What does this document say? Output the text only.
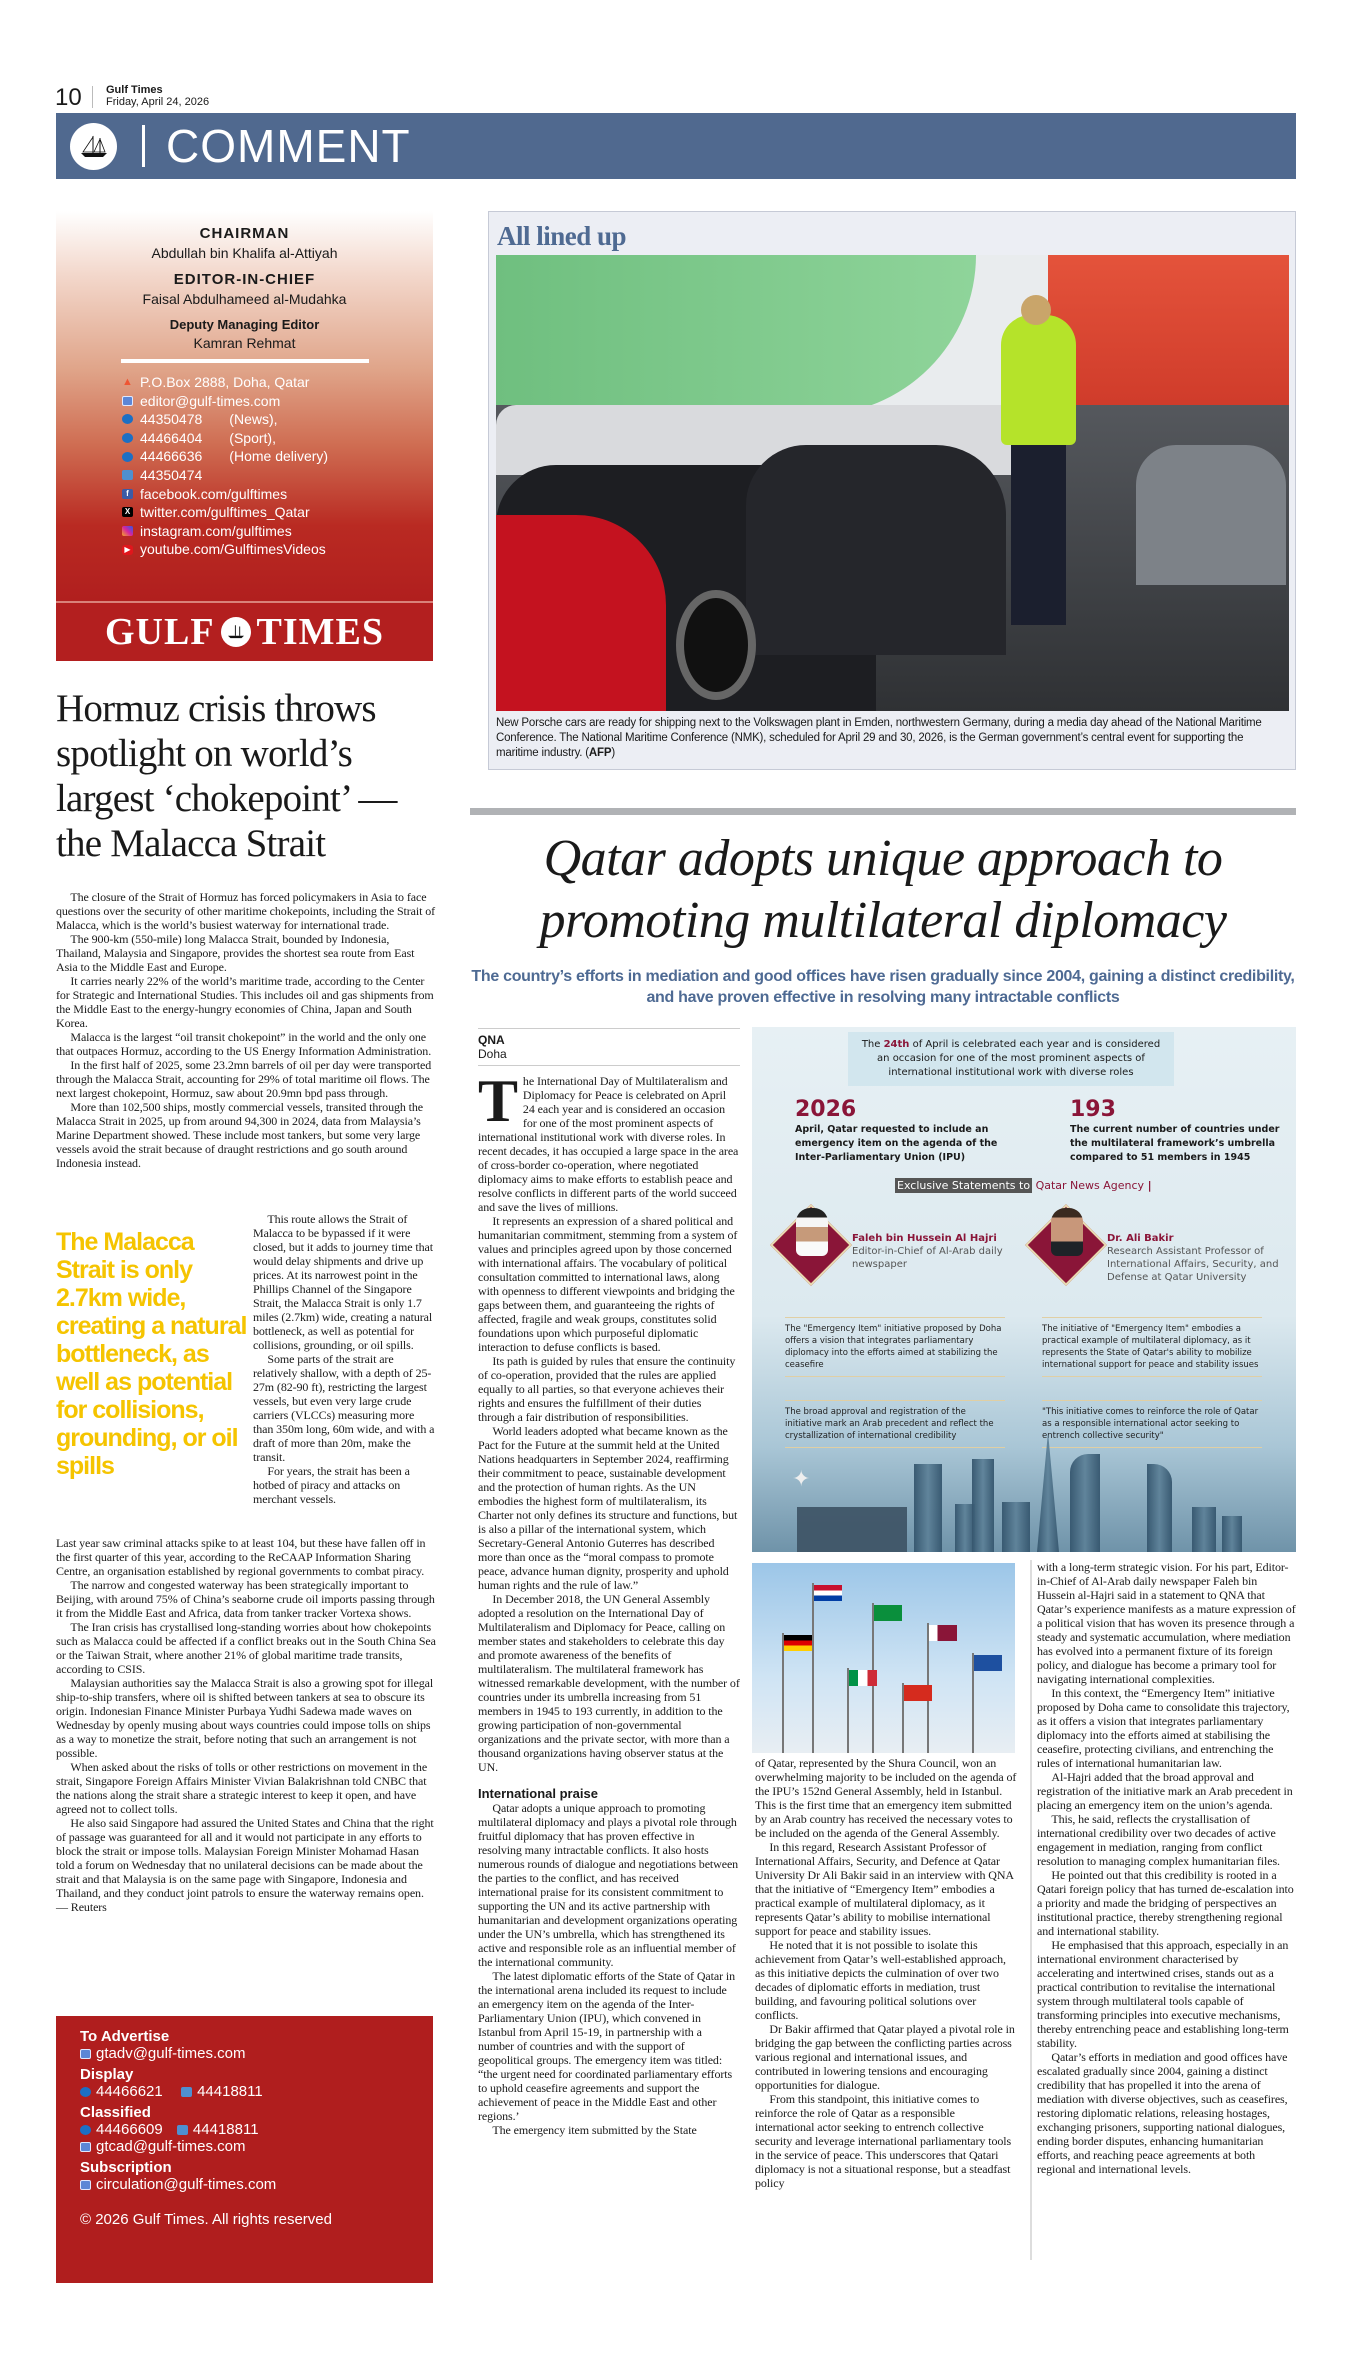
10 Gulf Times
Friday, April 24, 2026
COMMENT
CHAIRMAN
Abdullah bin Khalifa al-Attiyah
EDITOR-IN-CHIEF
Faisal Abdulhameed al-Mudahka
Deputy Managing Editor
Kamran Rehmat
▲ P.O.Box 2888, Doha, Qatar
editor@gulf-times.com
44350478 (News),
44466404 (Sport),
44466636 (Home delivery)
44350474
f facebook.com/gulftimes
X twitter.com/gulftimes_Qatar
instagram.com/gulftimes
▶ youtube.com/GulftimesVideos
GULF TIMES
Hormuz crisis throws spotlight on world’s largest ‘chokepoint’ — the Malacca Strait

The closure of the Strait of Hormuz has forced policymakers in Asia to face questions over the security of other maritime chokepoints, including the Strait of Malacca, which is the world’s busiest waterway for international trade.

The 900-km (550-mile) long Malacca Strait, bounded by Indonesia, Thailand, Malaysia and Singapore, provides the shortest sea route from East Asia to the Middle East and Europe.

It carries nearly 22% of the world’s maritime trade, according to the Center for Strategic and International Studies. This includes oil and gas shipments from the Middle East to the energy-hungry economies of China, Japan and South Korea.

Malacca is the largest “oil transit chokepoint” in the world and the only one that outpaces Hormuz, according to the US Energy Information Administration.

In the first half of 2025, some 23.2mn barrels of oil per day were transported through the Malacca Strait, accounting for 29% of total maritime oil flows. The next largest chokepoint, Hormuz, saw about 20.9mn bpd pass through.

More than 102,500 ships, mostly commercial vessels, transited through the Malacca Strait in 2025, up from around 94,300 in 2024, data from Malaysia’s Marine Department showed. These include most tankers, but some very large vessels avoid the strait because of draught restrictions and go south around Indonesia instead.

The Malacca Strait is only 2.7km wide, creating a natural bottleneck, as well as potential for collisions, grounding, or oil spills

This route allows the Strait of Malacca to be bypassed if it were closed, but it adds to journey time that would delay shipments and drive up prices. At its narrowest point in the Phillips Channel of the Singapore Strait, the Malacca Strait is only 1.7 miles (2.7km) wide, creating a natural bottleneck, as well as potential for collisions, grounding, or oil spills.

Some parts of the strait are relatively shallow, with a depth of 25-27m (82-90 ft), restricting the largest vessels, but even very large crude carriers (VLCCs) measuring more than 350m long, 60m wide, and with a draft of more than 20m, make the transit.

For years, the strait has been a hotbed of piracy and attacks on merchant vessels.

Last year saw criminal attacks spike to at least 104, but these have fallen off in the first quarter of this year, according to the ReCAAP Information Sharing Centre, an organisation established by regional governments to combat piracy.

The narrow and congested waterway has been strategically important to Beijing, with around 75% of China’s seaborne crude oil imports passing through it from the Middle East and Africa, data from tanker tracker Vortexa shows.

The Iran crisis has crystallised long-standing worries about how chokepoints such as Malacca could be affected if a conflict breaks out in the South China Sea or the Taiwan Strait, where another 21% of global maritime trade transits, according to CSIS.

Malaysian authorities say the Malacca Strait is also a growing spot for illegal ship-to-ship transfers, where oil is shifted between tankers at sea to obscure its origin. Indonesian Finance Minister Purbaya Yudhi Sadewa made waves on Wednesday by openly musing about ways countries could impose tolls on ships as a way to monetize the strait, before noting that such an arrangement is not possible.

When asked about the risks of tolls or other restrictions on movement in the strait, Singapore Foreign Affairs Minister Vivian Balakrishnan told CNBC that the nations along the strait share a strategic interest to keep it open, and have agreed not to collect tolls.

He also said Singapore had assured the United States and China that the right of passage was guaranteed for all and it would not participate in any efforts to block the strait or impose tolls. Malaysian Foreign Minister Mohamad Hasan told a forum on Wednesday that no unilateral decisions can be made about the strait and that Malaysia is on the same page with Singapore, Indonesia and Thailand, and they conduct joint patrols to ensure the waterway remains open. — Reuters

To Advertise
gtadv@gulf-times.com
Display
44466621
44418811
Classified
44466609
44418811
gtcad@gulf-times.com
Subscription
circulation@gulf-times.com
© 2026 Gulf Times. All rights reserved
All lined up
New Porsche cars are ready for shipping next to the Volkswagen plant in Emden, northwestern Germany, during a media day ahead of the National Maritime Conference. The National Maritime Conference (NMK), scheduled for April 29 and 30, 2026, is the German government’s central event for supporting the maritime industry. (AFP)
Qatar adopts unique approach to promoting multilateral diplomacy
The country’s efforts in mediation and good offices have risen gradually since 2004, gaining a distinct credibility, and have proven effective in resolving many intractable conflicts
QNA
Doha

The International Day of Multilateralism and Diplomacy for Peace is celebrated on April 24 each year and is considered an occasion for one of the most prominent aspects of international institutional work with diverse roles. In recent decades, it has occupied a large space in the area of cross-border co-operation, where negotiated diplomacy aims to make efforts to establish peace and resolve conflicts in different parts of the world succeed and save the lives of millions.

It represents an expression of a shared political and humanitarian commitment, stemming from a system of values and principles agreed upon by those concerned with international affairs. The vocabulary of political consultation committed to international laws, along with openness to different viewpoints and bridging the gaps between them, and guaranteeing the rights of affected, fragile and weak groups, constitutes solid foundations upon which purposeful diplomatic interaction to defuse conflicts is based.

Its path is guided by rules that ensure the continuity of co-operation, provided that the rules are applied equally to all parties, so that everyone achieves their rights and ensures the fulfillment of their duties through a fair distribution of responsibilities.

World leaders adopted what became known as the Pact for the Future at the summit held at the United Nations headquarters in September 2024, reaffirming their commitment to peace, sustainable development and the protection of human rights. As the UN embodies the highest form of multilateralism, its Charter not only defines its structure and functions, but is also a pillar of the international system, which Secretary-General Antonio Guterres has described more than once as the “moral compass to promote peace, advance human dignity, prosperity and uphold human rights and the rule of law.”

In December 2018, the UN General Assembly adopted a resolution on the International Day of Multilateralism and Diplomacy for Peace, calling on member states and stakeholders to celebrate this day and promote awareness of the benefits of multilateralism. The multilateral framework has witnessed remarkable development, with the number of countries under its umbrella increasing from 51 members in 1945 to 193 currently, in addition to the growing participation of non-governmental organizations and the private sector, with more than a thousand organizations having observer status at the UN.

International praise

Qatar adopts a unique approach to promoting multilateral diplomacy and plays a pivotal role through fruitful diplomacy that has proven effective in resolving many intractable conflicts. It also hosts numerous rounds of dialogue and negotiations between the parties to the conflict, and has received international praise for its consistent commitment to supporting the UN and its active partnership with humanitarian and development organizations operating under the UN’s umbrella, which has strengthened its active and responsible role as an influential member of the international community.

The latest diplomatic efforts of the State of Qatar in the international arena included its request to include an emergency item on the agenda of the Inter-Parliamentary Union (IPU), which convened in Istanbul from April 15-19, in partnership with a number of countries and with the support of geopolitical groups. The emergency item was titled: “the urgent need for coordinated parliamentary efforts to uphold ceasefire agreements and support the achievement of peace in the Middle East and other regions.’

The emergency item submitted by the State

The 24th of April is celebrated each year and is considered an occasion for one of the most prominent aspects of international institutional work with diverse roles
2026
April, Qatar requested to include an emergency item on the agenda of the Inter-Parliamentary Union (IPU)
193
The current number of countries under the multilateral framework’s umbrella compared to 51 members in 1945
Exclusive Statements to Qatar News Agency |
Faleh bin Hussein Al Hajri
Editor-in-Chief of Al-Arab daily newspaper
Dr. Ali Bakir
Research Assistant Professor of International Affairs, Security, and Defense at Qatar University
The "Emergency Item" initiative proposed by Doha offers a vision that integrates parliamentary diplomacy into the efforts aimed at stabilizing the ceasefire
The initiative of "Emergency Item" embodies a practical example of multilateral diplomacy, as it represents the State of Qatar's ability to mobilize international support for peace and stability issues
The broad approval and registration of the initiative mark an Arab precedent and reflect the crystallization of international credibility
"This initiative comes to reinforce the role of Qatar as a responsible international actor seeking to entrench collective security"
✦

of Qatar, represented by the Shura Council, won an overwhelming majority to be included on the agenda of the IPU’s 152nd General Assembly, held in Istanbul. This is the first time that an emergency item submitted by an Arab country has received the necessary votes to be included on the agenda of the General Assembly.

In this regard, Research Assistant Professor of International Affairs, Security, and Defence at Qatar University Dr Ali Bakir said in an interview with QNA that the initiative of “Emergency Item” embodies a practical example of multilateral diplomacy, as it represents Qatar’s ability to mobilise international support for peace and stability issues.

He noted that it is not possible to isolate this achievement from Qatar’s well-established approach, as this initiative depicts the culmination of over two decades of diplomatic efforts in mediation, trust building, and favouring political solutions over conflicts.

Dr Bakir affirmed that Qatar played a pivotal role in bridging the gap between the conflicting parties across various regional and international issues, and contributed in lowering tensions and encouraging opportunities for dialogue.

From this standpoint, this initiative comes to reinforce the role of Qatar as a responsible international actor seeking to entrench collective security and leverage international parliamentary tools in the service of peace. This underscores that Qatari diplomacy is not a situational response, but a steadfast policy

with a long-term strategic vision. For his part, Editor-in-Chief of Al-Arab daily newspaper Faleh bin Hussein al-Hajri said in a statement to QNA that Qatar’s experience manifests as a mature expression of a political vision that has woven its presence through a steady and systematic accumulation, where mediation has evolved into a permanent fixture of its foreign policy, and dialogue has become a primary tool for navigating international complexities.

In this context, the “Emergency Item” initiative proposed by Doha came to consolidate this trajectory, as it offers a vision that integrates parliamentary diplomacy into the efforts aimed at stabilising the ceasefire, protecting civilians, and entrenching the rules of international humanitarian law.

Al-Hajri added that the broad approval and registration of the initiative mark an Arab precedent in placing an emergency item on the union’s agenda.

This, he said, reflects the crystallisation of international credibility over two decades of active engagement in mediation, ranging from conflict resolution to managing complex humanitarian files.

He pointed out that this credibility is rooted in a Qatari foreign policy that has turned de-escalation into a priority and made the bridging of perspectives an institutional practice, thereby strengthening regional and international stability.

He emphasised that this approach, especially in an international environment characterised by accelerating and intertwined crises, stands out as a practical contribution to revitalise the international system through multilateral tools capable of transforming principles into executive mechanisms, thereby entrenching peace and establishing long-term stability.

Qatar’s efforts in mediation and good offices have escalated gradually since 2004, gaining a distinct credibility that has propelled it into the arena of mediation with diverse objectives, such as ceasefires, restoring diplomatic relations, releasing hostages, exchanging prisoners, supporting national dialogues, ending border disputes, enhancing humanitarian efforts, and reaching peace agreements at both regional and international levels.
